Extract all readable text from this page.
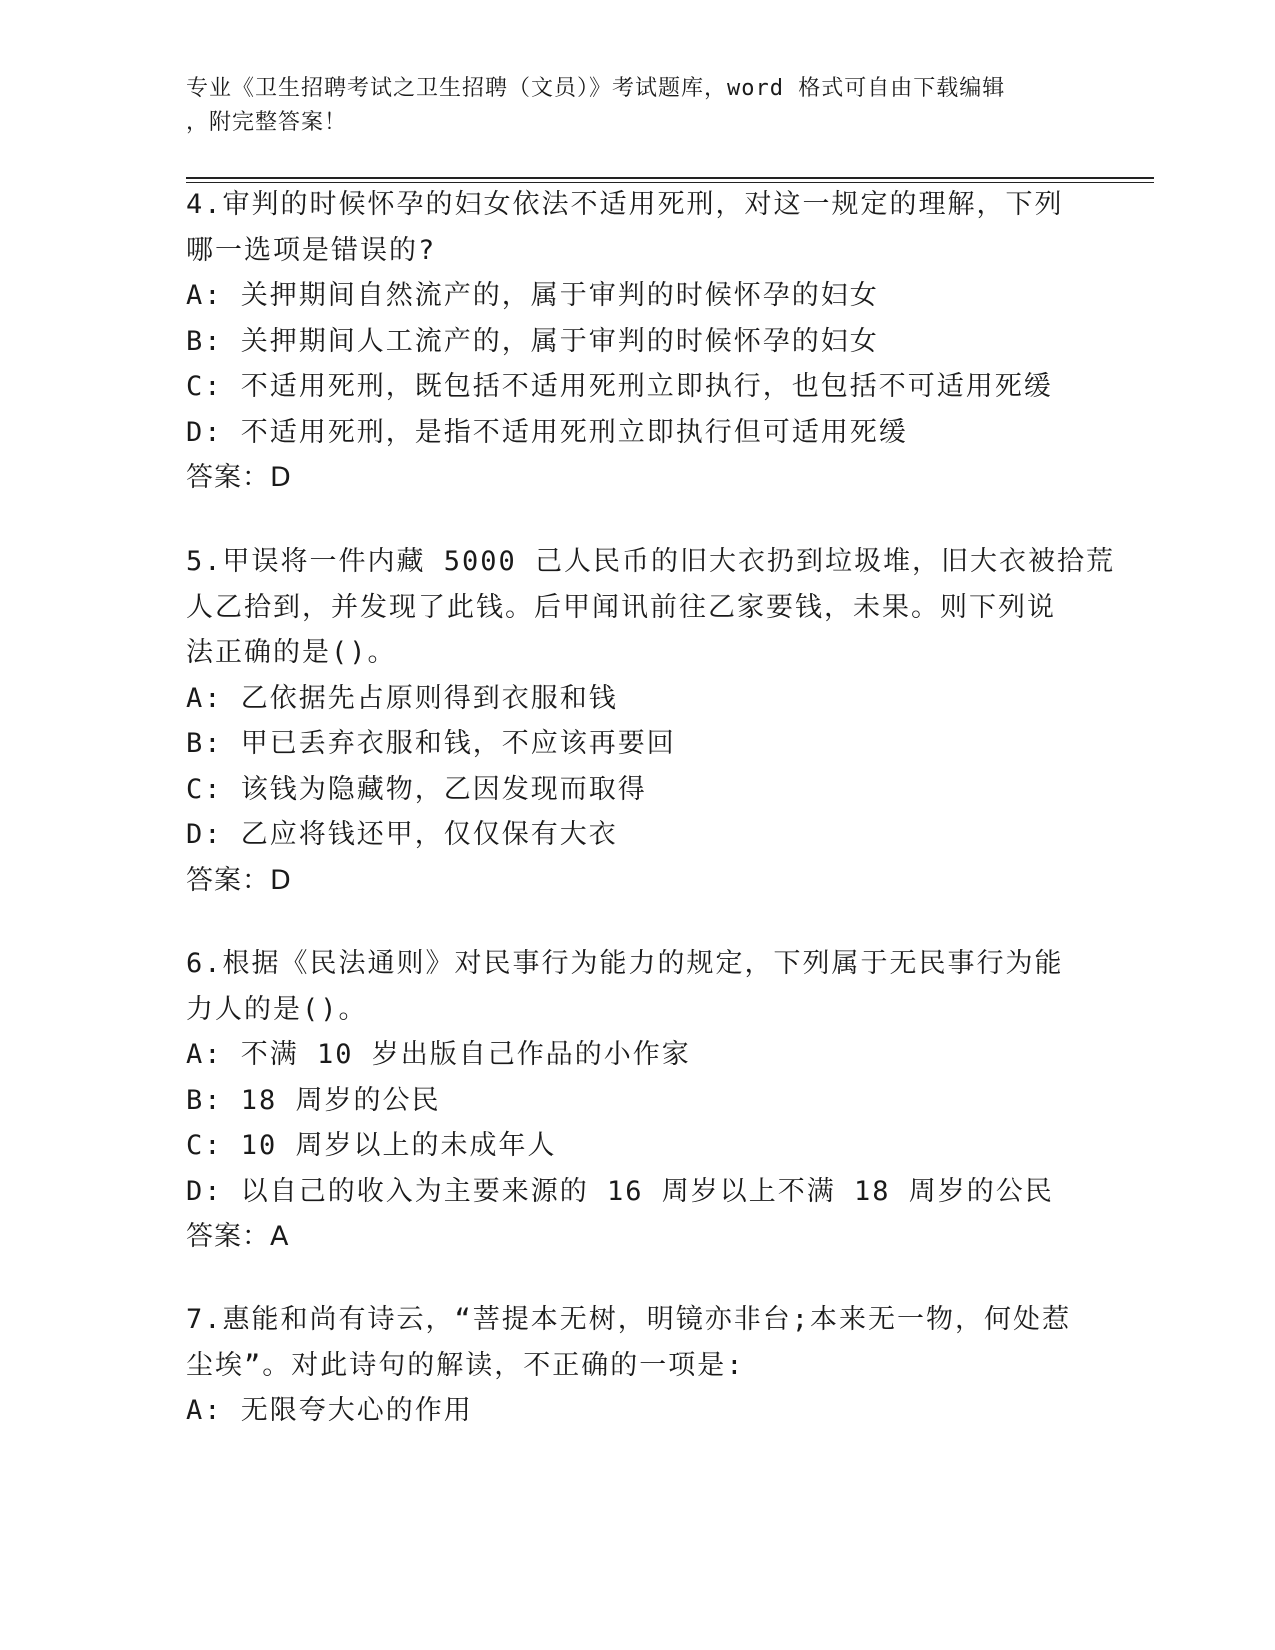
专业《卫生招聘考试之卫生招聘（文员）》考试题库，word 格式可自由下载编辑
，附完整答案！
4.审判的时候怀孕的妇女依法不适用死刑，对这一规定的理解，下列
哪一选项是错误的?
A: 关押期间自然流产的，属于审判的时候怀孕的妇女
B: 关押期间人工流产的，属于审判的时候怀孕的妇女
C: 不适用死刑，既包括不适用死刑立即执行，也包括不可适用死缓
D: 不适用死刑，是指不适用死刑立即执行但可适用死缓
答案：D
5.甲误将一件内藏 5000 己人民币的旧大衣扔到垃圾堆，旧大衣被拾荒
人乙拾到，并发现了此钱。后甲闻讯前往乙家要钱，未果。则下列说
法正确的是()。
A: 乙依据先占原则得到衣服和钱
B: 甲已丢弃衣服和钱，不应该再要回
C: 该钱为隐藏物，乙因发现而取得
D: 乙应将钱还甲，仅仅保有大衣
答案：D
6.根据《民法通则》对民事行为能力的规定，下列属于无民事行为能
力人的是()。
A: 不满 10 岁出版自己作品的小作家
B: 18 周岁的公民
C: 10 周岁以上的未成年人
D: 以自己的收入为主要来源的 16 周岁以上不满 18 周岁的公民
答案：A
7.惠能和尚有诗云，“菩提本无树，明镜亦非台;本来无一物，何处惹
尘埃”。对此诗句的解读，不正确的一项是:
A: 无限夸大心的作用
